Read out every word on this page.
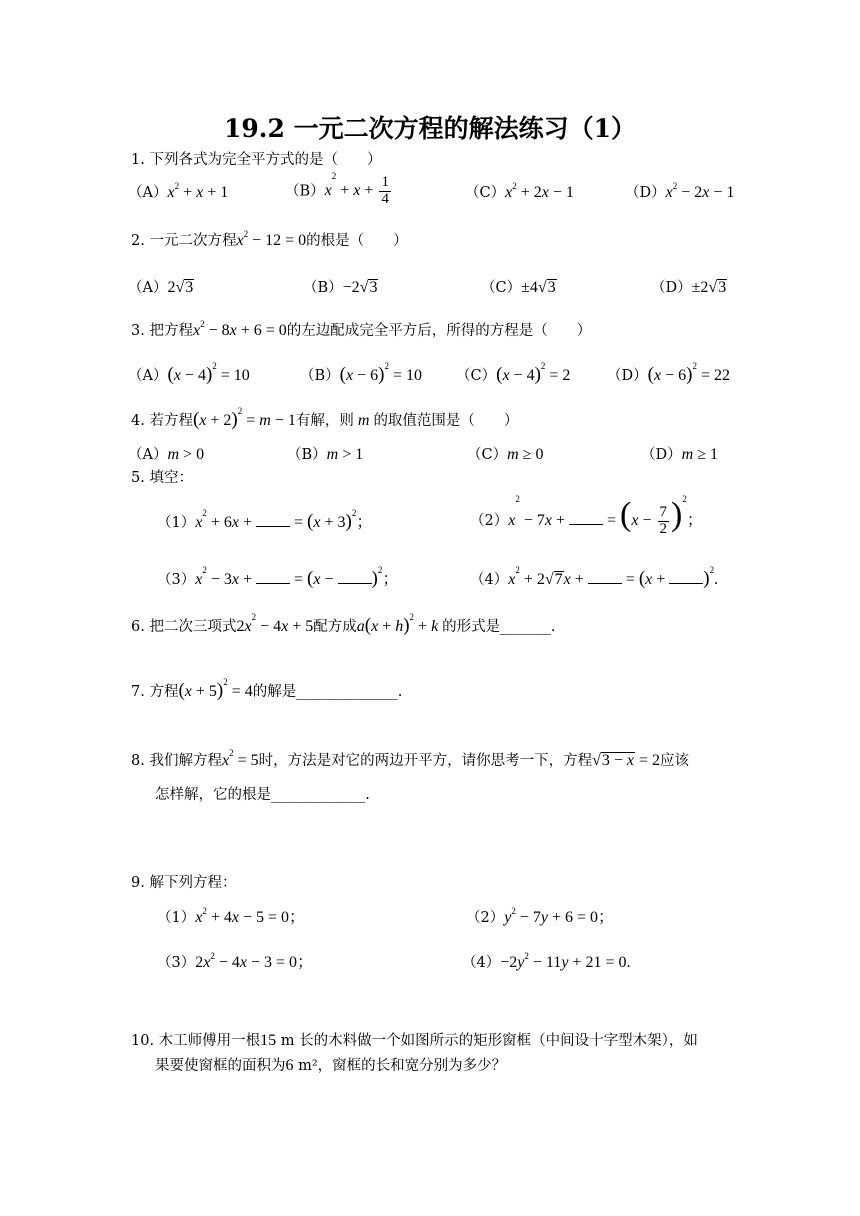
19.2 一元二次方程的解法练习（1）
1. 下列各式为完全平方式的是（　　）
$(A)x^2 + x + 1$	$(B)x^2 + x + \frac{1}{4}$	$(C)x^2 + 2x - 1$	$(D)x^2 - 2x - 1$
2. 一元二次方程$x^2 - 12 = 0$的根是（　　）
（A）2√3	（B）−2√3	（C）±4√3	（D）±2√3
3. 把方程$x^2 - 8x + 6 = 0$的左边配成完全平方后，所得的方程是（　　）
$(A)(x - 4)^2 = 10$	$(B)(x - 6)^2 = 10$ $(C)(x - 4)^2 = 2$	$(D)(x - 6)^2 = 22$
4. 若方程$(x + 2)^2 = m - 1$有解，则 m 的取值范围是（　　）
（A）m > 0	（B）m > 1	（C）m ≥ 0	（D）m ≥ 1
5. 填空：
$(1)x^2 + 6x$ +  = $(x + 3)^2$；	$(2)x^2 - 7x$ +  = $(x - \frac{7}{2} )^2$；
$(3)x^2 - 3x$ +  = $(x - )^2$；	$(4)x^2 + 2√7x$ +  = $(x + )^2$.
6. 把二次三项式$2x^2 - 4x + 5$配方成$a(x + h)^2 + k$ 的形式是_______.
7. 方程$(x + 5)^2 = 4$的解是______________.
8. 我们解方程$x^2 = 5$时，方法是对它的两边开平方，请你思考一下，方程√3 − x = 2应该
怎样解，它的根是_____________.
9. 解下列方程：
$(1)x^2 + 4x - 5 = 0$；	$(2)y^2 - 7y + 6 = 0$；
$(3)2x^2 - 4x - 3 = 0$；	$(4)-2y^2 - 11y + 21 = 0$.
10. 木工师傅用一根15 m 长的木料做一个如图所示的矩形窗框（中间设十字型木架），如
果要使窗框的面积为6 m²，窗框的长和宽分别为多少？
